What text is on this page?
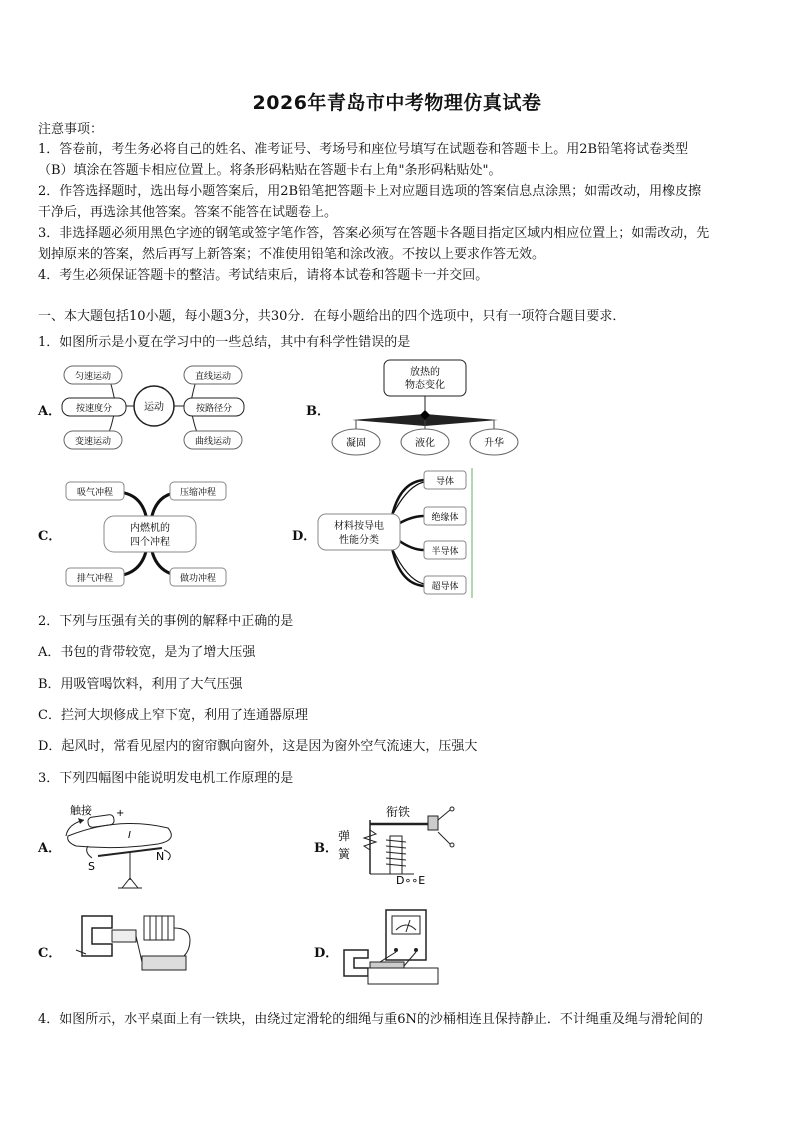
2026年青岛市中考物理仿真试卷
注意事项：
1．答卷前，考生务必将自己的姓名、准考证号、考场号和座位号填写在试题卷和答题卡上。用2B铅笔将试卷类型
（B）填涂在答题卡相应位置上。将条形码粘贴在答题卡右上角"条形码粘贴处"。
2．作答选择题时，选出每小题答案后，用2B铅笔把答题卡上对应题目选项的答案信息点涂黑；如需改动，用橡皮擦
干净后，再选涂其他答案。答案不能答在试题卷上。
3．非选择题必须用黑色字迹的钢笔或签字笔作答，答案必须写在答题卡各题目指定区域内相应位置上；如需改动，先
划掉原来的答案，然后再写上新答案；不准使用铅笔和涂改液。不按以上要求作答无效。
4．考生必须保证答题卡的整洁。考试结束后，请将本试卷和答题卡一并交回。
一、本大题包括10小题，每小题3分，共30分．在每小题给出的四个选项中，只有一项符合题目要求．
1．如图所示是小夏在学习中的一些总结，其中有科学性错误的是
A． 按速度分	运动	按路径分
匀速运动
变速运动
直线运动
曲线运动
B．
放热的
物态变化
凝固	液化	升华
C．
吸气冲程	压缩冲程
排气冲程	做功冲程
内燃机的
四个冲程	D．
材料按导电
性能分类
导体
绝缘体
半导体
超导体
2．下列与压强有关的事例的解释中正确的是
A．书包的背带较宽，是为了增大压强
B．用吸管喝饮料，利用了大气压强
C．拦河大坝修成上窄下宽，利用了连通器原理
D．起风时，常看见屋内的窗帘飘向窗外，这是因为窗外空气流速大，压强大
3．下列四幅图中能说明发电机工作原理的是
A．
触接 +
I
S
N
B．
衔铁
弹
簧
D∘∘E
C．	D．
4．如图所示，水平桌面上有一铁块，由绕过定滑轮的细绳与重6N的沙桶相连且保持静止．不计绳重及绳与滑轮间的
